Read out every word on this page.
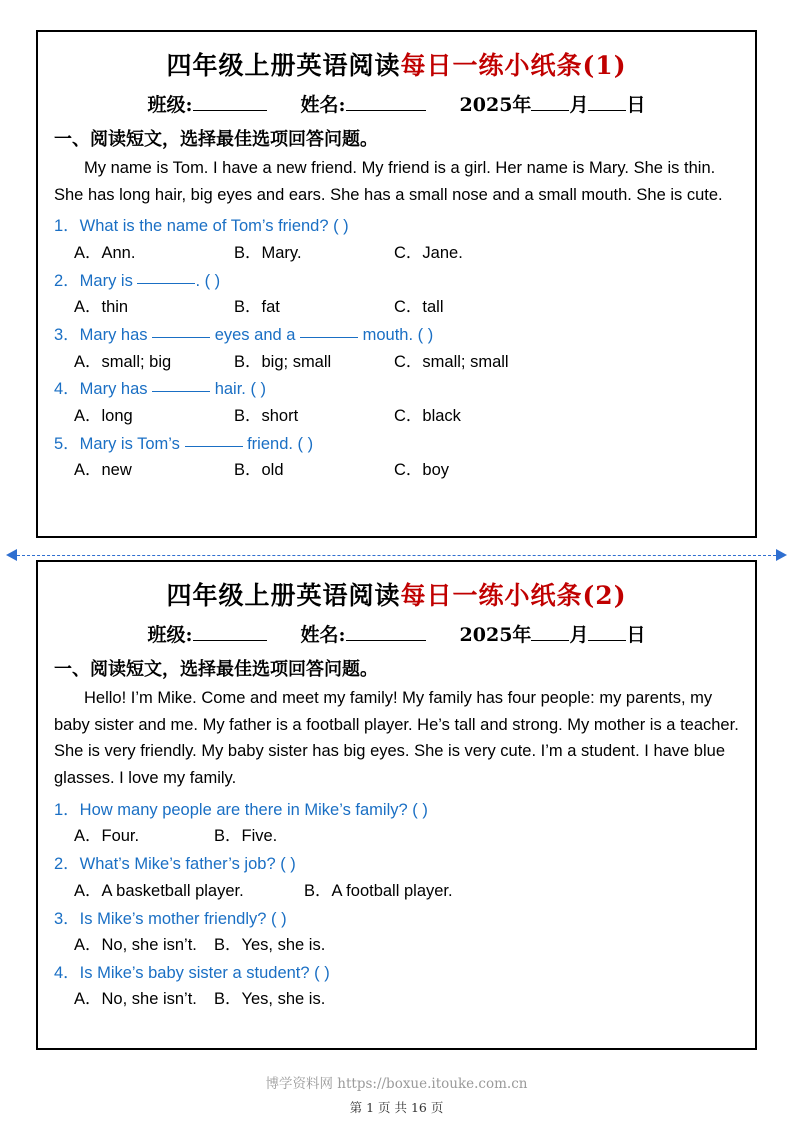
四年级上册英语阅读每日一练小纸条(1)
班级:	姓名:	2025年 月 日
一、阅读短文，选择最佳选项回答问题。
My name is Tom. I have a new friend. My friend is a girl. Her name is Mary. She is thin. She has long hair, big eyes and ears. She has a small nose and a small mouth. She is cute.
1．What is the name of Tom’s friend? ( )
A．Ann.	B．Mary.	C．Jane.
2．Mary is	. ( )
A．thin	B．fat	C．tall
3．Mary has	eyes and a	mouth. ( )
A．small; big	B．big; small	C．small; small
4．Mary has	hair. ( )
A．long	B．short	C．black
5．Mary is Tom’s	friend. ( )
A．new	B．old	C．boy
四年级上册英语阅读每日一练小纸条(2)
班级:	姓名:	2025年 月 日
一、阅读短文，选择最佳选项回答问题。
Hello! I’m Mike. Come and meet my family! My family has four people: my parents, my baby sister and me. My father is a football player. He’s tall and strong. My mother is a teacher. She is very friendly. My baby sister has big eyes. She is very cute. I’m a student. I have blue glasses. I love my family.
1．How many people are there in Mike’s family? ( )
A．Four.	B．Five.
2．What’s Mike’s father’s job? ( )
A．A basketball player.	B．A football player.
3．Is Mike’s mother friendly? ( )
A．No, she isn’t.	B．Yes, she is.
4．Is Mike’s baby sister a student? ( )
A．No, she isn’t.	B．Yes, she is.
博学资料网 https://boxue.itouke.com.cn
第 1 页 共 16 页
